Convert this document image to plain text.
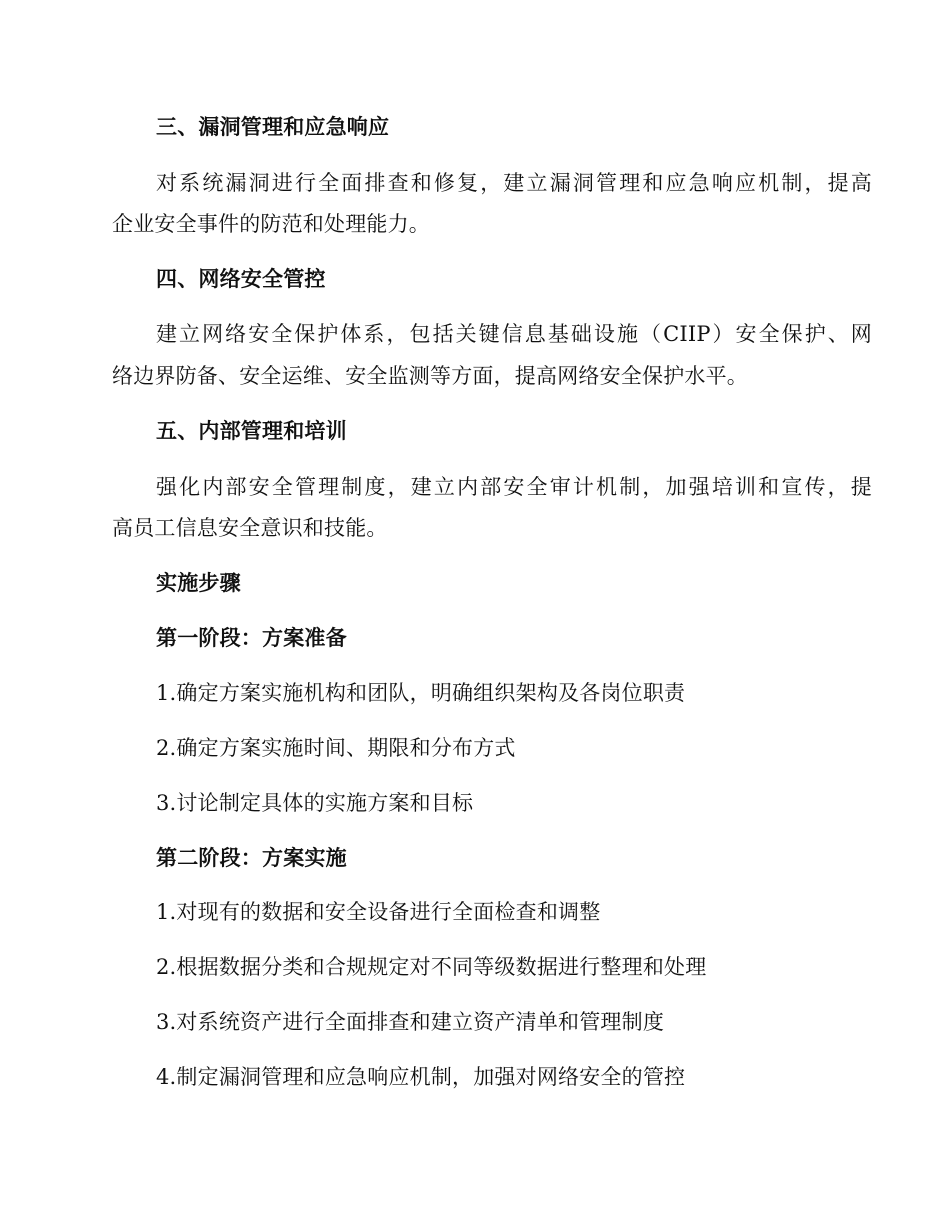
三、漏洞管理和应急响应
对系统漏洞进行全面排查和修复，建立漏洞管理和应急响应机制，提高
企业安全事件的防范和处理能力。
四、网络安全管控
建立网络安全保护体系，包括关键信息基础设施（CIIP）安全保护、网
络边界防备、安全运维、安全监测等方面，提高网络安全保护水平。
五、内部管理和培训
强化内部安全管理制度，建立内部安全审计机制，加强培训和宣传，提
高员工信息安全意识和技能。
实施步骤
第一阶段：方案准备
1.确定方案实施机构和团队，明确组织架构及各岗位职责
2.确定方案实施时间、期限和分布方式
3.讨论制定具体的实施方案和目标
第二阶段：方案实施
1.对现有的数据和安全设备进行全面检查和调整
2.根据数据分类和合规规定对不同等级数据进行整理和处理
3.对系统资产进行全面排查和建立资产清单和管理制度
4.制定漏洞管理和应急响应机制，加强对网络安全的管控
